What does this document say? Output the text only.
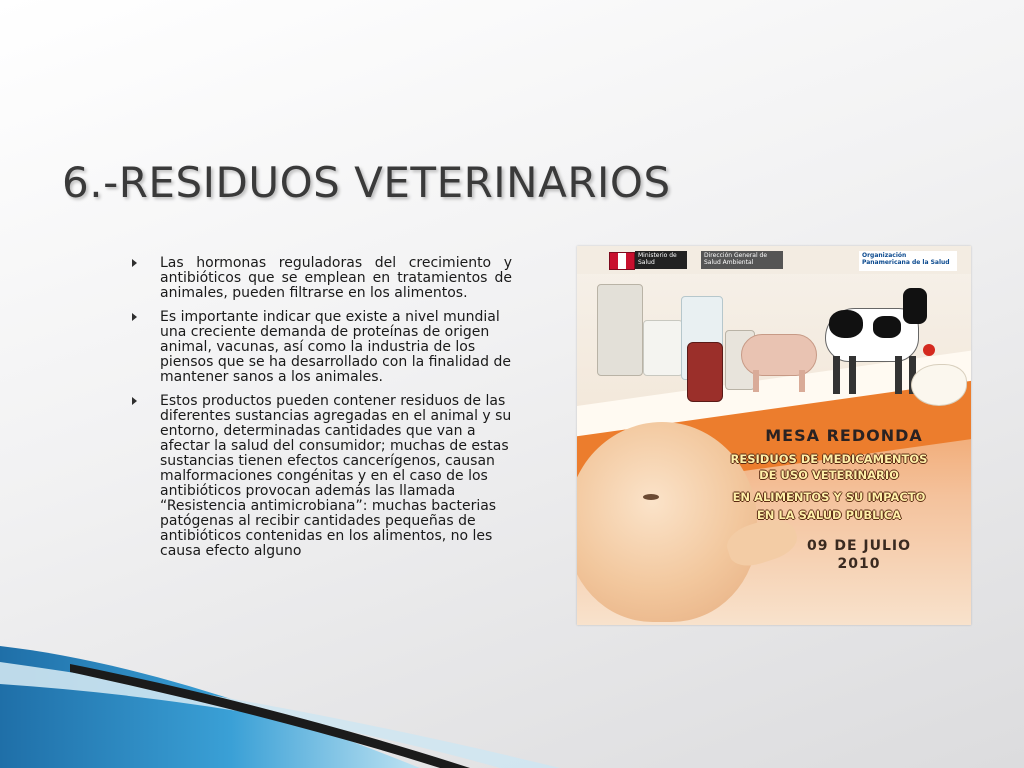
6.-RESIDUOS VETERINARIOS
Las hormonas reguladoras del crecimiento y antibióticos que se emplean en tratamientos de animales, pueden filtrarse en los alimentos.
Es importante indicar que existe a nivel mundial una creciente demanda de proteínas de origen animal, vacunas, así como la industria de los piensos que se ha desarrollado con la finalidad de mantener sanos a los animales.
Estos productos pueden contener residuos de las diferentes sustancias agregadas en el animal y su entorno, determinadas cantidades que van a afectar la salud del consumidor; muchas de estas sustancias tienen efectos cancerígenos, causan malformaciones congénitas y en el caso de los antibióticos provocan además las llamada “Resistencia antimicrobiana”: muchas bacterias patógenas al recibir cantidades pequeñas de antibióticos contenidas en los alimentos, no les causa efecto alguno
Ministerio de Salud
Dirección General de Salud Ambiental
Organización Panamericana de la Salud
MESA REDONDA
RESIDUOS DE MEDICAMENTOS
DE USO VETERINARIO
EN ALIMENTOS Y SU IMPACTO
EN LA SALUD PUBLICA
09 DE JULIO
2010
